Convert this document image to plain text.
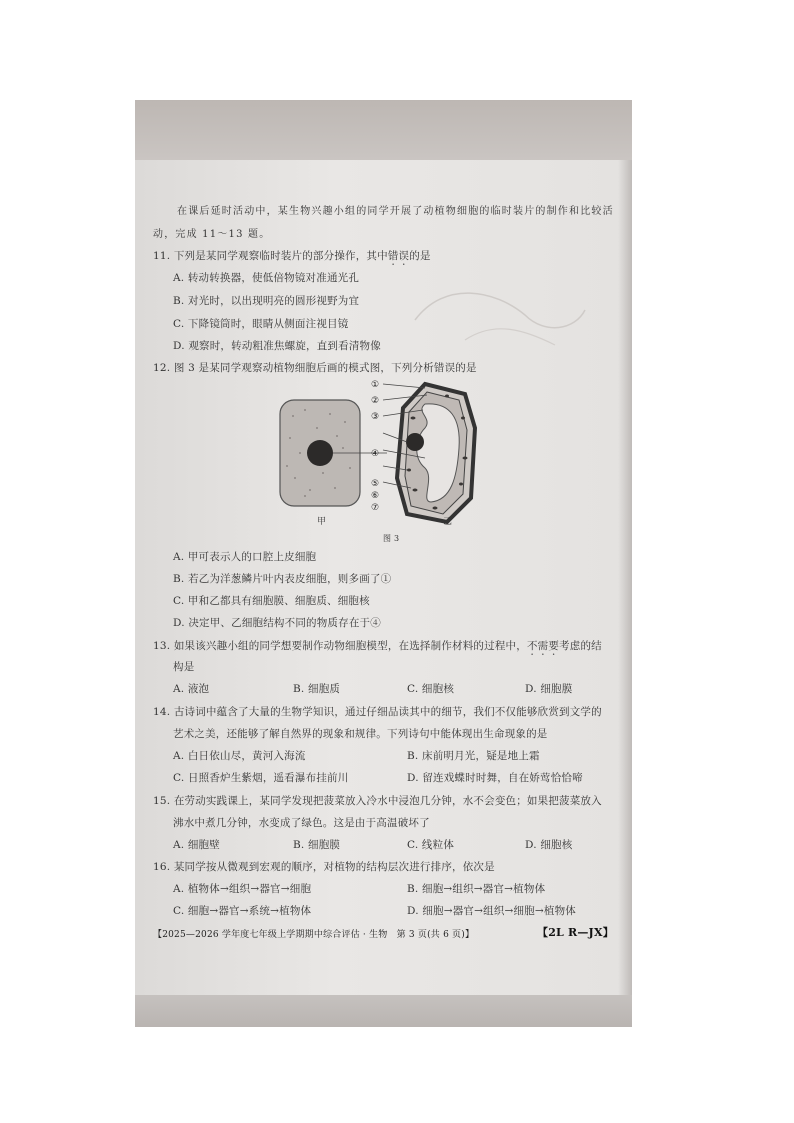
在课后延时活动中，某生物兴趣小组的同学开展了动植物细胞的临时装片的制作和比较活
动，完成 11～13 题。
11. 下列是某同学观察临时装片的部分操作，其中错误的是
A. 转动转换器，使低倍物镜对准通光孔
B. 对光时，以出现明亮的圆形视野为宜
C. 下降镜筒时，眼睛从侧面注视目镜
D. 观察时，转动粗准焦螺旋，直到看清物像
12. 图 3 是某同学观察动植物细胞后画的模式图，下列分析错误的是
①
②
③
④
⑤
⑥
⑦
甲	乙
图 3
A. 甲可表示人的口腔上皮细胞
B. 若乙为洋葱鳞片叶内表皮细胞，则多画了①
C. 甲和乙都具有细胞膜、细胞质、细胞核
D. 决定甲、乙细胞结构不同的物质存在于④
13. 如果该兴趣小组的同学想要制作动物细胞模型，在选择制作材料的过程中，不需要考虑的结
构是
A. 液泡	B. 细胞质	C. 细胞核	D. 细胞膜
14. 古诗词中蕴含了大量的生物学知识，通过仔细品读其中的细节，我们不仅能够欣赏到文学的
艺术之美，还能够了解自然界的现象和规律。下列诗句中能体现出生命现象的是
A. 白日依山尽，黄河入海流	B. 床前明月光，疑是地上霜
C. 日照香炉生紫烟，遥看瀑布挂前川	D. 留连戏蝶时时舞，自在娇莺恰恰啼
15. 在劳动实践课上，某同学发现把菠菜放入冷水中浸泡几分钟，水不会变色；如果把菠菜放入
沸水中煮几分钟，水变成了绿色。这是由于高温破坏了
A. 细胞壁	B. 细胞膜	C. 线粒体	D. 细胞核
16. 某同学按从微观到宏观的顺序，对植物的结构层次进行排序，依次是
A. 植物体→组织→器官→细胞	B. 细胞→组织→器官→植物体
C. 细胞→器官→系统→植物体	D. 细胞→器官→组织→细胞→植物体
【2025—2026 学年度七年级上学期期中综合评估 · 生物　第 3 页(共 6 页)】	【2L R—JX】
